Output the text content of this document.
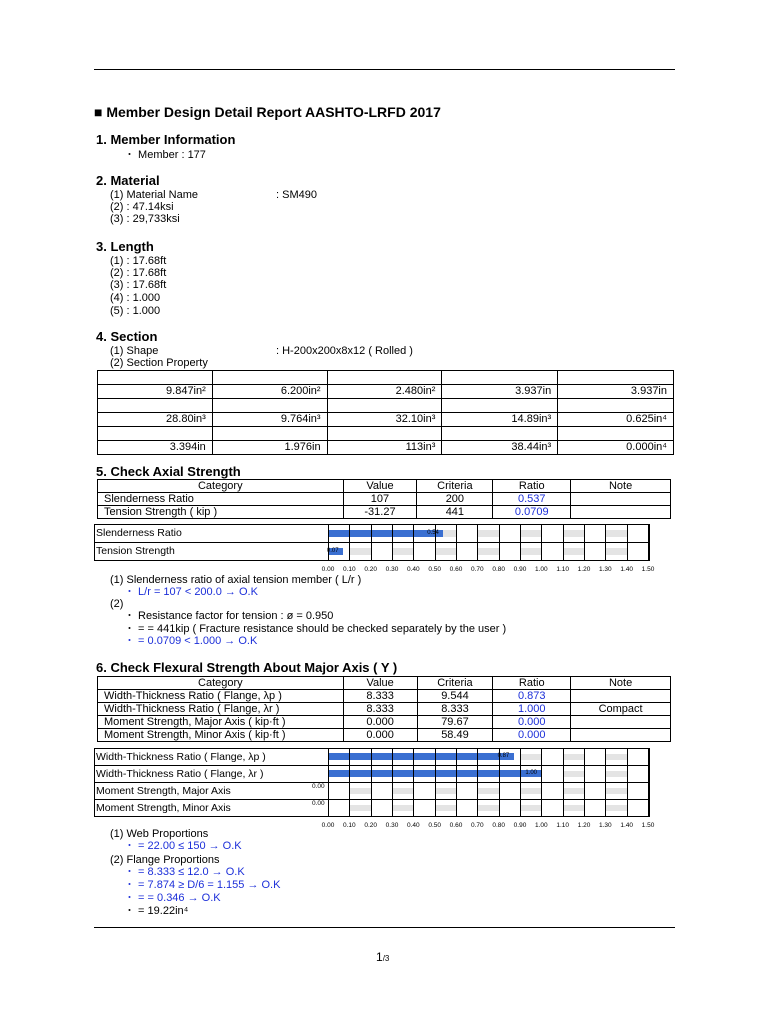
■ Member Design Detail Report AASHTO-LRFD 2017
1. Member Information
・ Member : 177
2. Material
(1) Material Name	: SM490
(2) : 47.14ksi
(3) : 29,733ksi
3. Length
(1) : 17.68ft
(2) : 17.68ft
(3) : 17.68ft
(4) : 1.000
(5) : 1.000
4. Section
(1) Shape	: H-200x200x8x12 ( Rolled )
(2) Section Property

9.847in²	6.200in²	2.480in²	3.937in	3.937in

28.80in³	9.764in³	32.10in³	14.89in³	0.625in⁴

3.394in	1.976in	113in³	38.44in³	0.000in⁴
5. Check Axial Strength
Category	Value	Criteria	Ratio	Note
Slenderness Ratio	107	200	0.537	
Tension Strength ( kip )	-31.27	441	0.0709	
Slenderness Ratio	0.54
Tension Strength	0.07
0.00 0.10 0.20 0.30 0.40 0.50 0.60 0.70 0.80 0.90 1.00 1.10 1.20 1.30 1.40 1.50
(1) Slenderness ratio of axial tension member ( L/r )
・ L/r = 107 < 200.0 → O.K
(2)
・ Resistance factor for tension : ø = 0.950
・ = = 441kip ( Fracture resistance should be checked separately by the user )
・ = 0.0709 < 1.000 → O.K
6. Check Flexural Strength About Major Axis ( Y )
Category	Value	Criteria	Ratio	Note
Width-Thickness Ratio ( Flange, λp )	8.333	9.544	0.873	
Width-Thickness Ratio ( Flange, λr )	8.333	8.333	1.000	Compact
Moment Strength, Major Axis ( kip·ft )	0.000	79.67	0.000	
Moment Strength, Minor Axis ( kip·ft )	0.000	58.49	0.000	
Width-Thickness Ratio ( Flange, λp )	0.87
Width-Thickness Ratio ( Flange, λr )	1.00
Moment Strength, Major Axis	0.00
Moment Strength, Minor Axis	0.00
0.00 0.10 0.20 0.30 0.40 0.50 0.60 0.70 0.80 0.90 1.00 1.10 1.20 1.30 1.40 1.50
(1) Web Proportions
・ = 22.00 ≤ 150 → O.K
(2) Flange Proportions
・ = 8.333 ≤ 12.0 → O.K
・ = 7.874 ≥ D/6 = 1.155 → O.K
・ = = 0.346 → O.K
・ = 19.22in⁴
1/3
